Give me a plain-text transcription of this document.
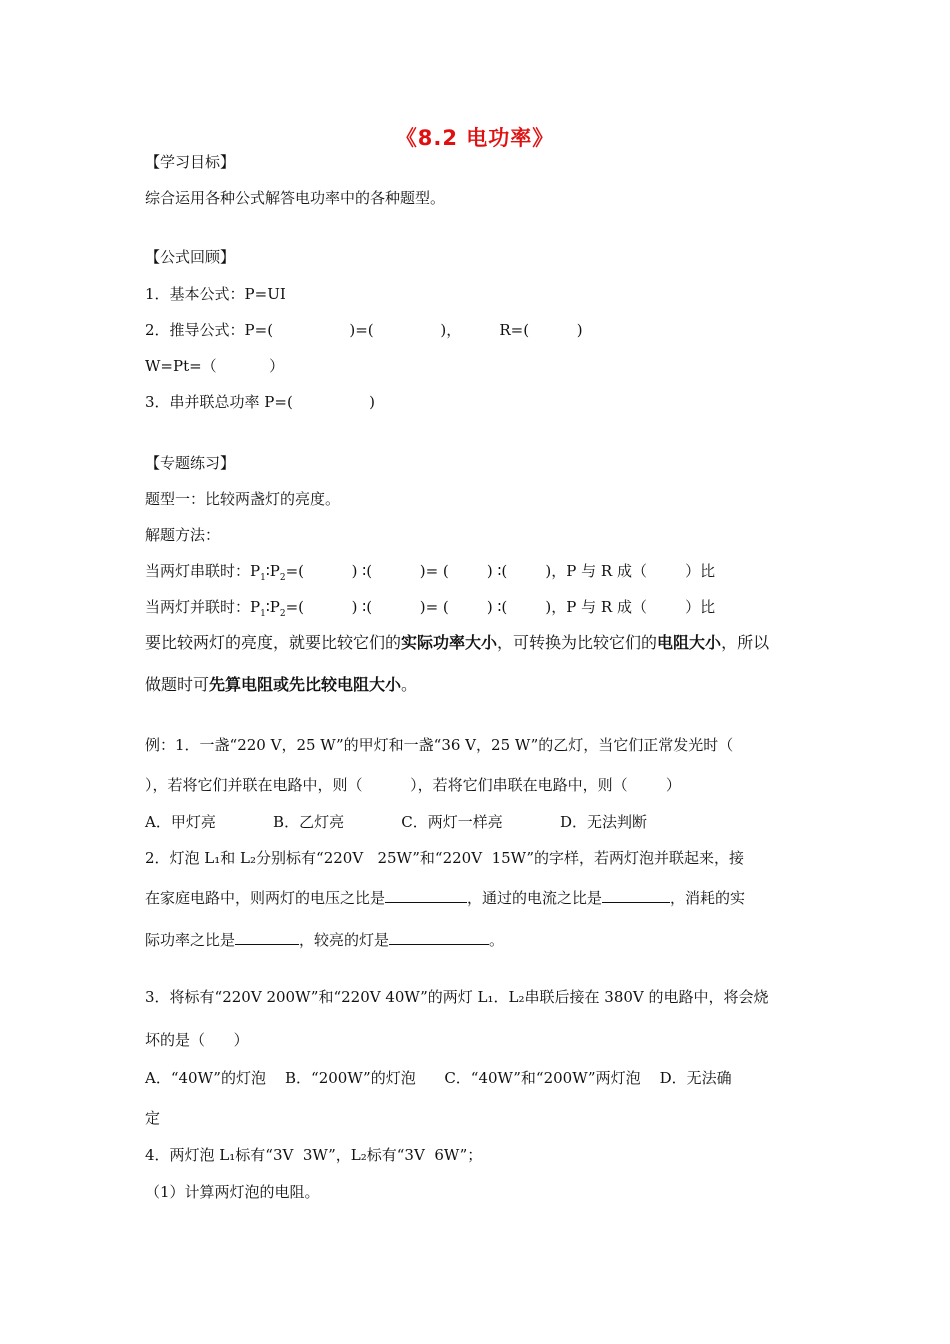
《8.2 电功率》
【学习目标】
综合运用各种公式解答电功率中的各种题型。
【公式回顾】
1．基本公式：P=UI
2．推导公式：P=(                )=(              )，        R=(          )
W=Pt=（           ）
3．串并联总功率 P=(                )
【专题练习】
题型一：比较两盏灯的亮度。
解题方法：
当两灯串联时：$P_1∶P_2=$(          ) ∶(          )= (        ) ∶(        )，P 与 R 成（        ）比
当两灯并联时：$P_1∶P_2=$(          ) ∶(          )= (        ) ∶(        )，P 与 R 成（        ）比
要比较两灯的亮度，就要比较它们的实际功率大小，可转换为比较它们的电阻大小，所以
做题时可先算电阻或先比较电阻大小。
例：1．一盏“220 V，25 W”的甲灯和一盏“36 V，25 W”的乙灯，当它们正常发光时（
），若将它们并联在电路中，则（          ），若将它们串联在电路中，则（        ）
A．甲灯亮            B．乙灯亮            C．两灯一样亮            D．无法判断
2．灯泡 L₁和 L₂分别标有“220V   25W”和“220V  15W”的字样，若两灯泡并联起来，接
在家庭电路中，则两灯的电压之比是	，通过的电流之比是	，消耗的实
际功率之比是	，较亮的灯是	。
3．将标有“220V 200W”和“220V 40W”的两灯 L₁．L₂串联后接在 380V 的电路中，将会烧
坏的是（      ）
A．“40W”的灯泡    B．“200W”的灯泡      C．“40W”和“200W”两灯泡    D．无法确
定
4．两灯泡 L₁标有“3V  3W”，L₂标有“3V  6W”；
（1）计算两灯泡的电阻。
